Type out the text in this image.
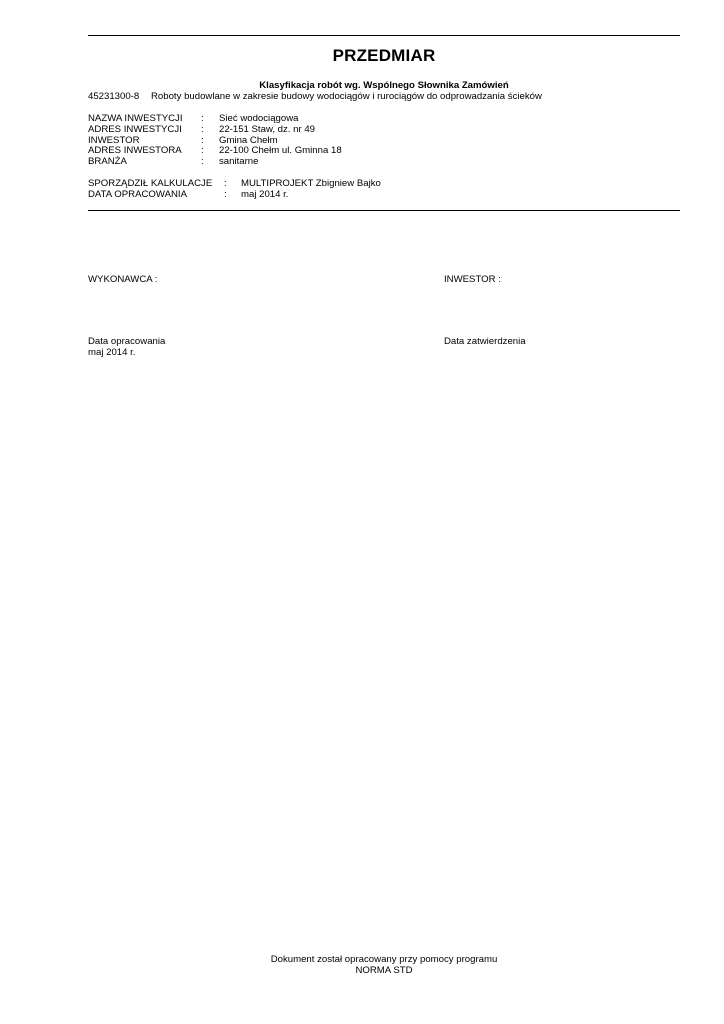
PRZEDMIAR
Klasyfikacja robót wg. Wspólnego Słownika Zamówień
45231300-8 Roboty budowlane w zakresie budowy wodociągów i rurociągów do odprowadzania ścieków
NAZWA INWESTYCJI : Sieć wodociągowa
ADRES INWESTYCJI : 22-151 Staw, dz. nr 49
INWESTOR	: Gmina Chełm
ADRES INWESTORA : 22-100 Chełm ul. Gminna 18
BRANŻA	: sanitarne
SPORZĄDZIŁ KALKULACJE : MULTIPROJEKT Zbigniew Bajko
DATA OPRACOWANIA	: maj 2014 r.
WYKONAWCA :	INWESTOR :
Data opracowania
maj 2014 r.
Data zatwierdzenia
Dokument został opracowany przy pomocy programu
NORMA STD
